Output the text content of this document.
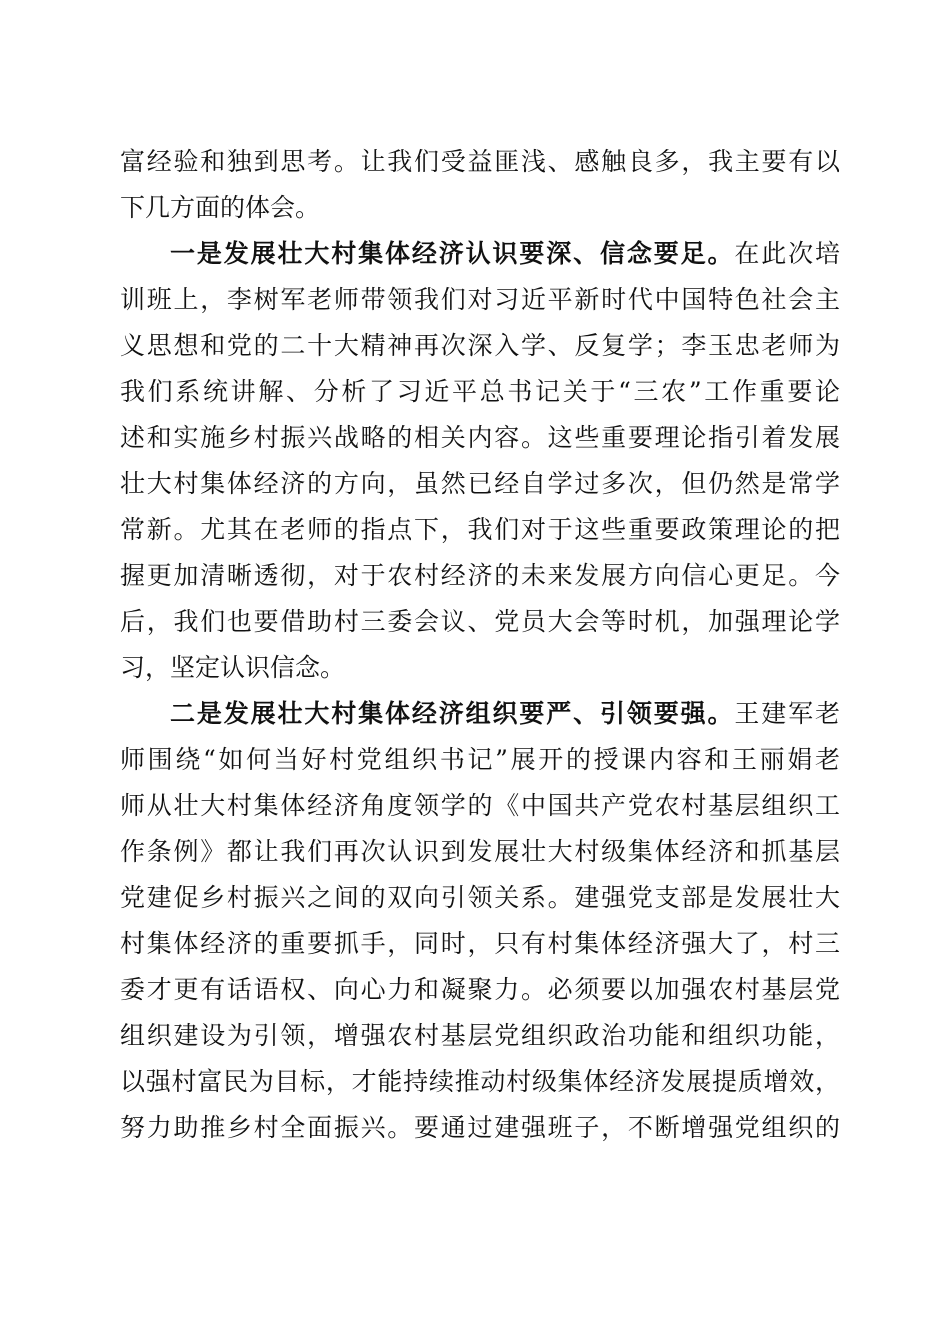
富经验和独到思考。让我们受益匪浅、感触良多，我主要有以
下几方面的体会。
一是发展壮大村集体经济认识要深、信念要足。在此次培
训班上，李树军老师带领我们对习近平新时代中国特色社会主
义思想和党的二十大精神再次深入学、反复学；李玉忠老师为
我们系统讲解、分析了习近平总书记关于“三农”工作重要论
述和实施乡村振兴战略的相关内容。这些重要理论指引着发展
壮大村集体经济的方向，虽然已经自学过多次，但仍然是常学
常新。尤其在老师的指点下，我们对于这些重要政策理论的把
握更加清晰透彻，对于农村经济的未来发展方向信心更足。今
后，我们也要借助村三委会议、党员大会等时机，加强理论学
习，坚定认识信念。
二是发展壮大村集体经济组织要严、引领要强。王建军老
师围绕“如何当好村党组织书记”展开的授课内容和王丽娟老
师从壮大村集体经济角度领学的《中国共产党农村基层组织工
作条例》都让我们再次认识到发展壮大村级集体经济和抓基层
党建促乡村振兴之间的双向引领关系。建强党支部是发展壮大
村集体经济的重要抓手，同时，只有村集体经济强大了，村三
委才更有话语权、向心力和凝聚力。必须要以加强农村基层党
组织建设为引领，增强农村基层党组织政治功能和组织功能，
以强村富民为目标，才能持续推动村级集体经济发展提质增效，
努力助推乡村全面振兴。要通过建强班子，不断增强党组织的
